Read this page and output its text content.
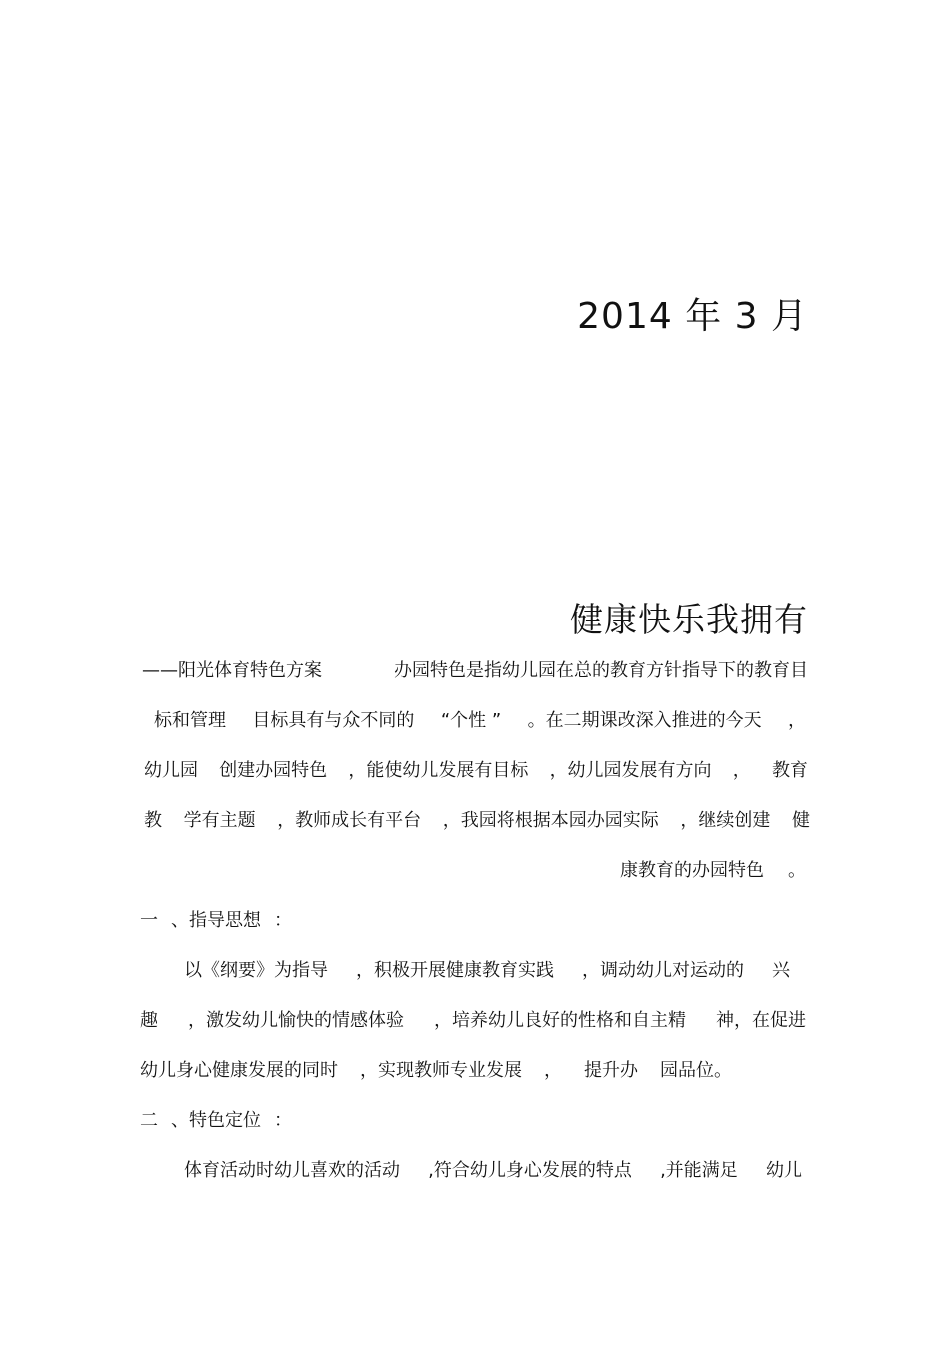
2014 年 3 月
健康快乐我拥有
——阳光体育特色方案	办园特色是指幼儿园在总的教育方针指导下的教育目
标和管理 目标具有与众不同的 “个性 ” 。在二期课改深入推进的今天 ，
幼儿园 创建办园特色 ，能使幼儿发展有目标 ，幼儿园发展有方向 ， 教育
教 学有主题 ，教师成长有平台 ，我园将根据本园办园实际 ，继续创建 健
康教育的办园特色 。
一 、指导思想 ：
以《纲要》为指导 ，积极开展健康教育实践 ，调动幼儿对运动的 兴
趣 ，激发幼儿愉快的情感体验 ，培养幼儿良好的性格和自主精 神，在促进
幼儿身心健康发展的同时 ，实现教师专业发展 ， 提升办 园品位。
二 、特色定位 ：
体育活动时幼儿喜欢的活动 ,符合幼儿身心发展的特点 ,并能满足 幼儿
